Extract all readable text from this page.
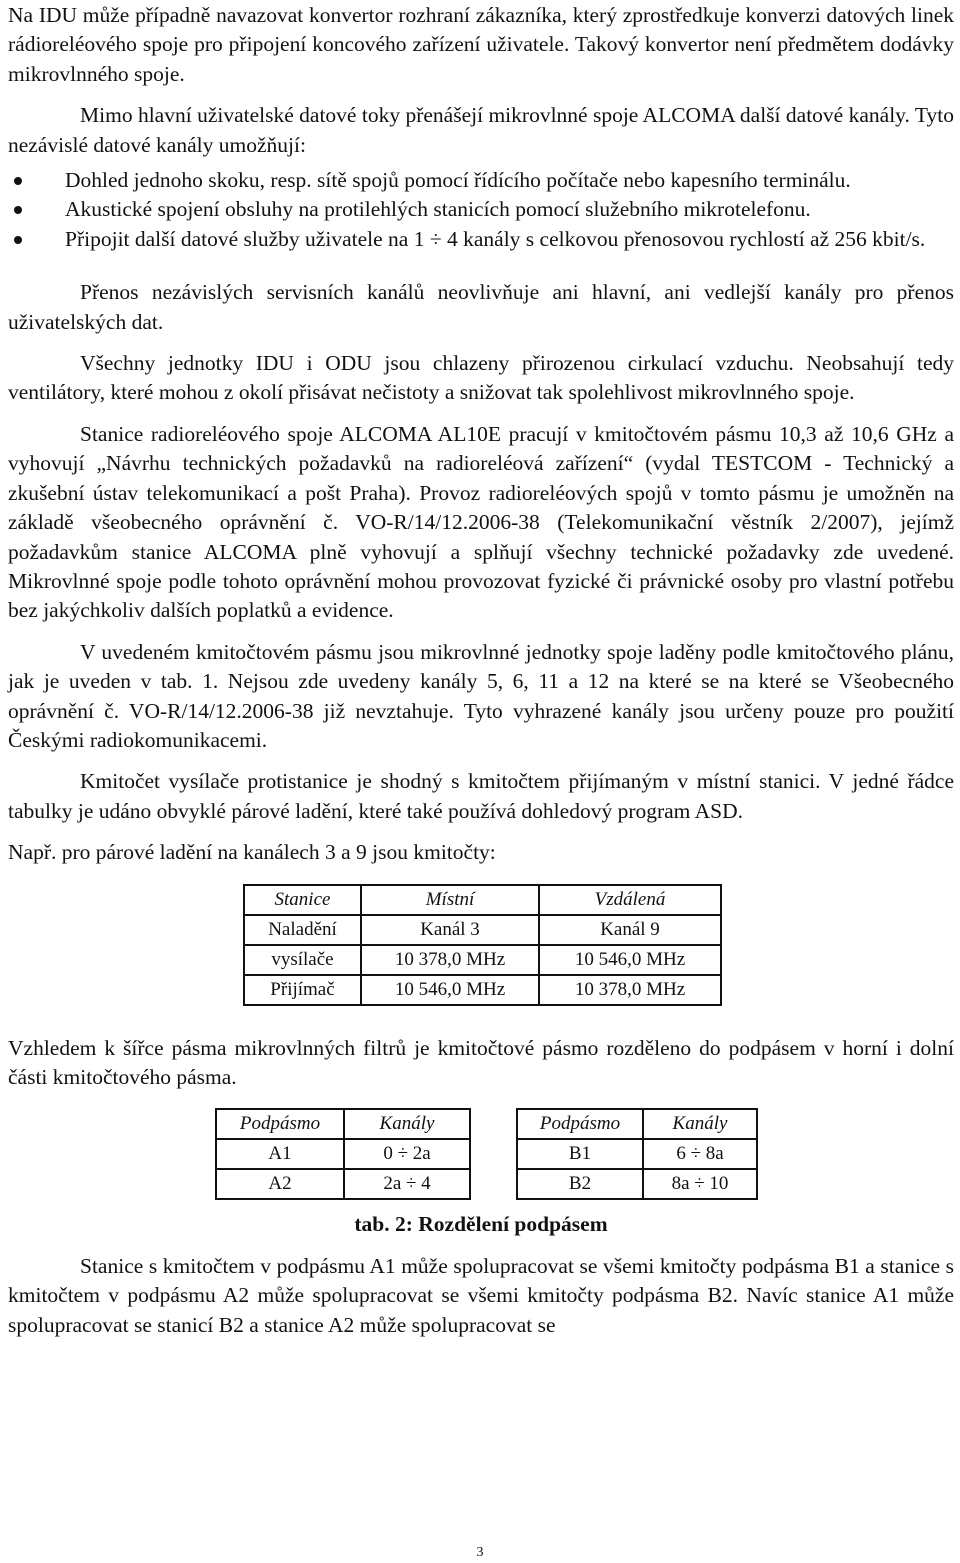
Na IDU může případně navazovat konvertor rozhraní zákazníka, který zprostředkuje konverzi datových linek rádioreléového spoje pro připojení koncového zařízení uživatele. Takový konvertor není předmětem dodávky mikrovlnného spoje.

Mimo hlavní uživatelské datové toky přenášejí mikrovlnné spoje ALCOMA další datové kanály. Tyto nezávislé datové kanály umožňují:

Dohled jednoho skoku, resp. sítě spojů pomocí řídícího počítače nebo kapesního terminálu.
Akustické spojení obsluhy na protilehlých stanicích pomocí služebního mikrotelefonu.
Připojit další datové služby uživatele na 1 ÷ 4 kanály s celkovou přenosovou rychlostí až 256 kbit/s.

Přenos nezávislých servisních kanálů neovlivňuje ani hlavní, ani vedlejší kanály pro přenos uživatelských dat.

Všechny jednotky IDU i ODU jsou chlazeny přirozenou cirkulací vzduchu. Neobsahují tedy ventilátory, které mohou z okolí přisávat nečistoty a snižovat tak spolehlivost mikrovlnného spoje.

Stanice radioreléového spoje ALCOMA AL10E pracují v kmitočtovém pásmu 10,3 až 10,6 GHz a vyhovují „Návrhu technických požadavků na radioreléová zařízení“ (vydal TESTCOM - Technický a zkušební ústav telekomunikací a pošt Praha). Provoz radioreléových spojů v tomto pásmu je umožněn na základě všeobecného oprávnění č. VO-R/14/12.2006-38 (Telekomunikační věstník 2/2007), jejímž požadavkům stanice ALCOMA plně vyhovují a splňují všechny technické požadavky zde uvedené. Mikrovlnné spoje podle tohoto oprávnění mohou provozovat fyzické či právnické osoby pro vlastní potřebu bez jakýchkoliv dalších poplatků a evidence.

V uvedeném kmitočtovém pásmu jsou mikrovlnné jednotky spoje laděny podle kmitočtového plánu, jak je uveden v tab. 1. Nejsou zde uvedeny kanály 5, 6, 11 a 12 na které se na které se Všeobecného oprávnění č. VO-R/14/12.2006-38 již nevztahuje. Tyto vyhrazené kanály jsou určeny pouze pro použití Českými radiokomunikacemi.

Kmitočet vysílače protistanice je shodný s kmitočtem přijímaným v místní stanici. V jedné řádce tabulky je udáno obvyklé párové ladění, které také používá dohledový program ASD.

Např. pro párové ladění na kanálech 3 a 9 jsou kmitočty:

Stanice	Místní	Vzdálená
Naladění	Kanál 3	Kanál 9
vysílače	10 378,0 MHz	10 546,0 MHz
Přijímač	10 546,0 MHz	10 378,0 MHz

Vzhledem k šířce pásma mikrovlnných filtrů je kmitočtové pásmo rozděleno do podpásem v horní i dolní části kmitočtového pásma.

Podpásmo	Kanály		Podpásmo	Kanály
A1	0 ÷ 2a		B1	6 ÷ 8a
A2	2a ÷ 4		B2	8a ÷ 10

tab. 2: Rozdělení podpásem

Stanice s kmitočtem v podpásmu A1 může spolupracovat se všemi kmitočty podpásma B1 a stanice s kmitočtem v podpásmu A2 může spolupracovat se všemi kmitočty podpásma B2. Navíc stanice A1 může spolupracovat se stanicí B2 a stanice A2 může spolupracovat se

3
